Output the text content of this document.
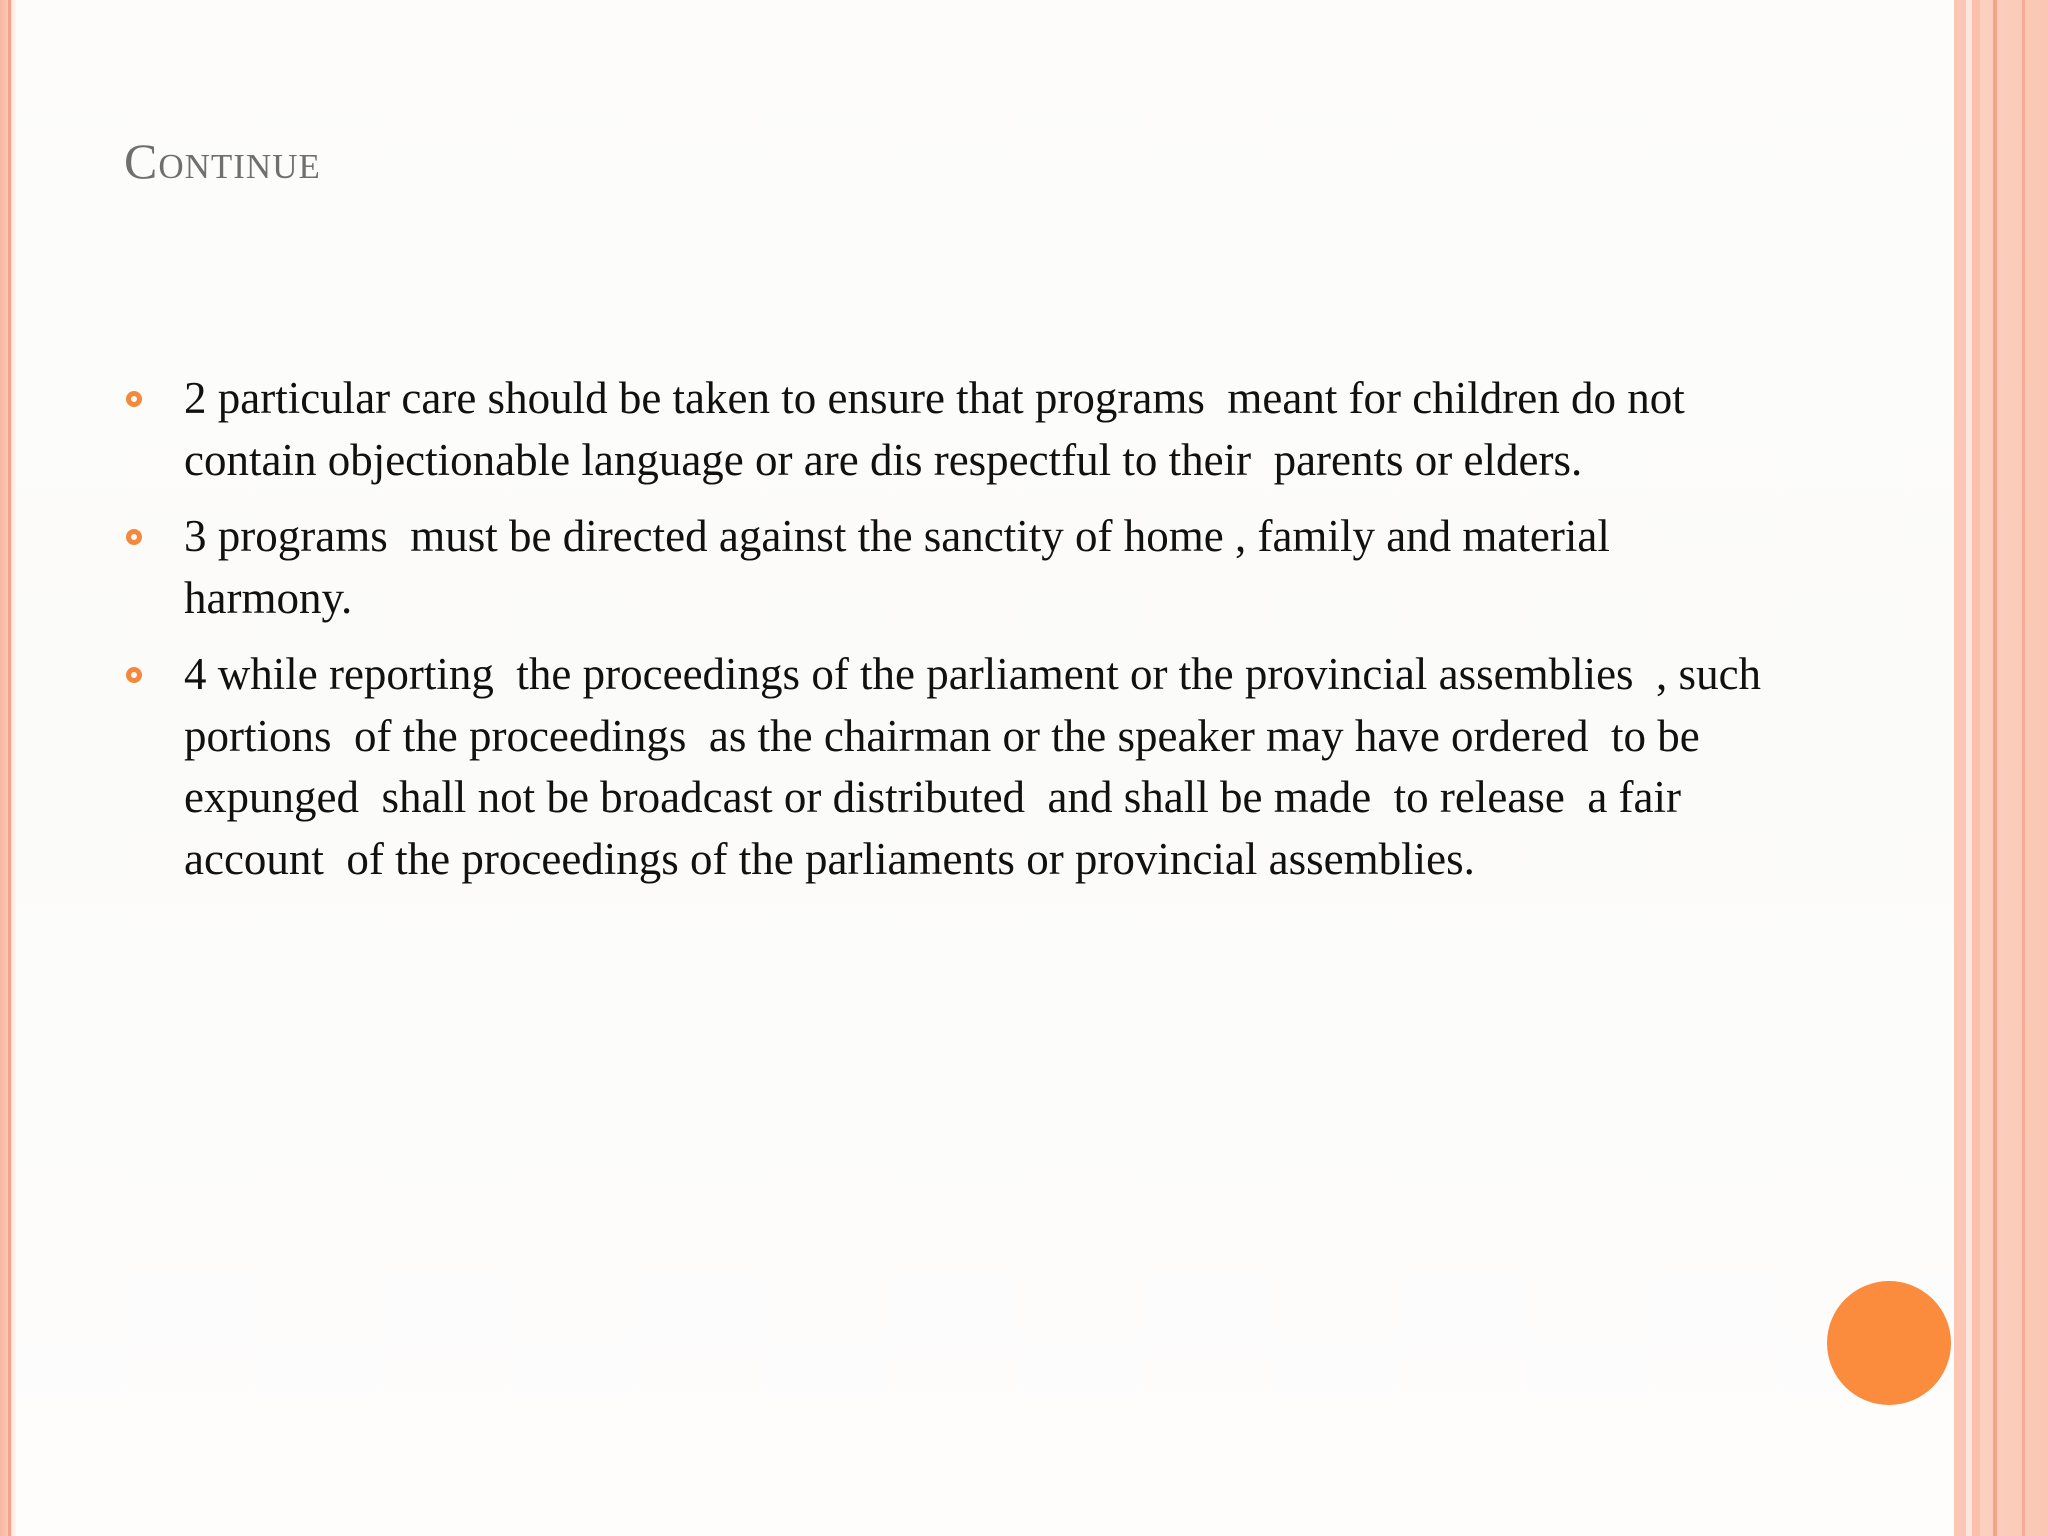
Continue
2 particular care should be taken to ensure that programs  meant for children do not contain objectionable language or are dis respectful to their  parents or elders.
3 programs  must be directed against the sanctity of home , family and material harmony.
4 while reporting  the proceedings of the parliament or the provincial assemblies  , such portions  of the proceedings  as the chairman or the speaker may have ordered  to be expunged  shall not be broadcast or distributed  and shall be made  to release  a fair account  of the proceedings of the parliaments or provincial assemblies.
